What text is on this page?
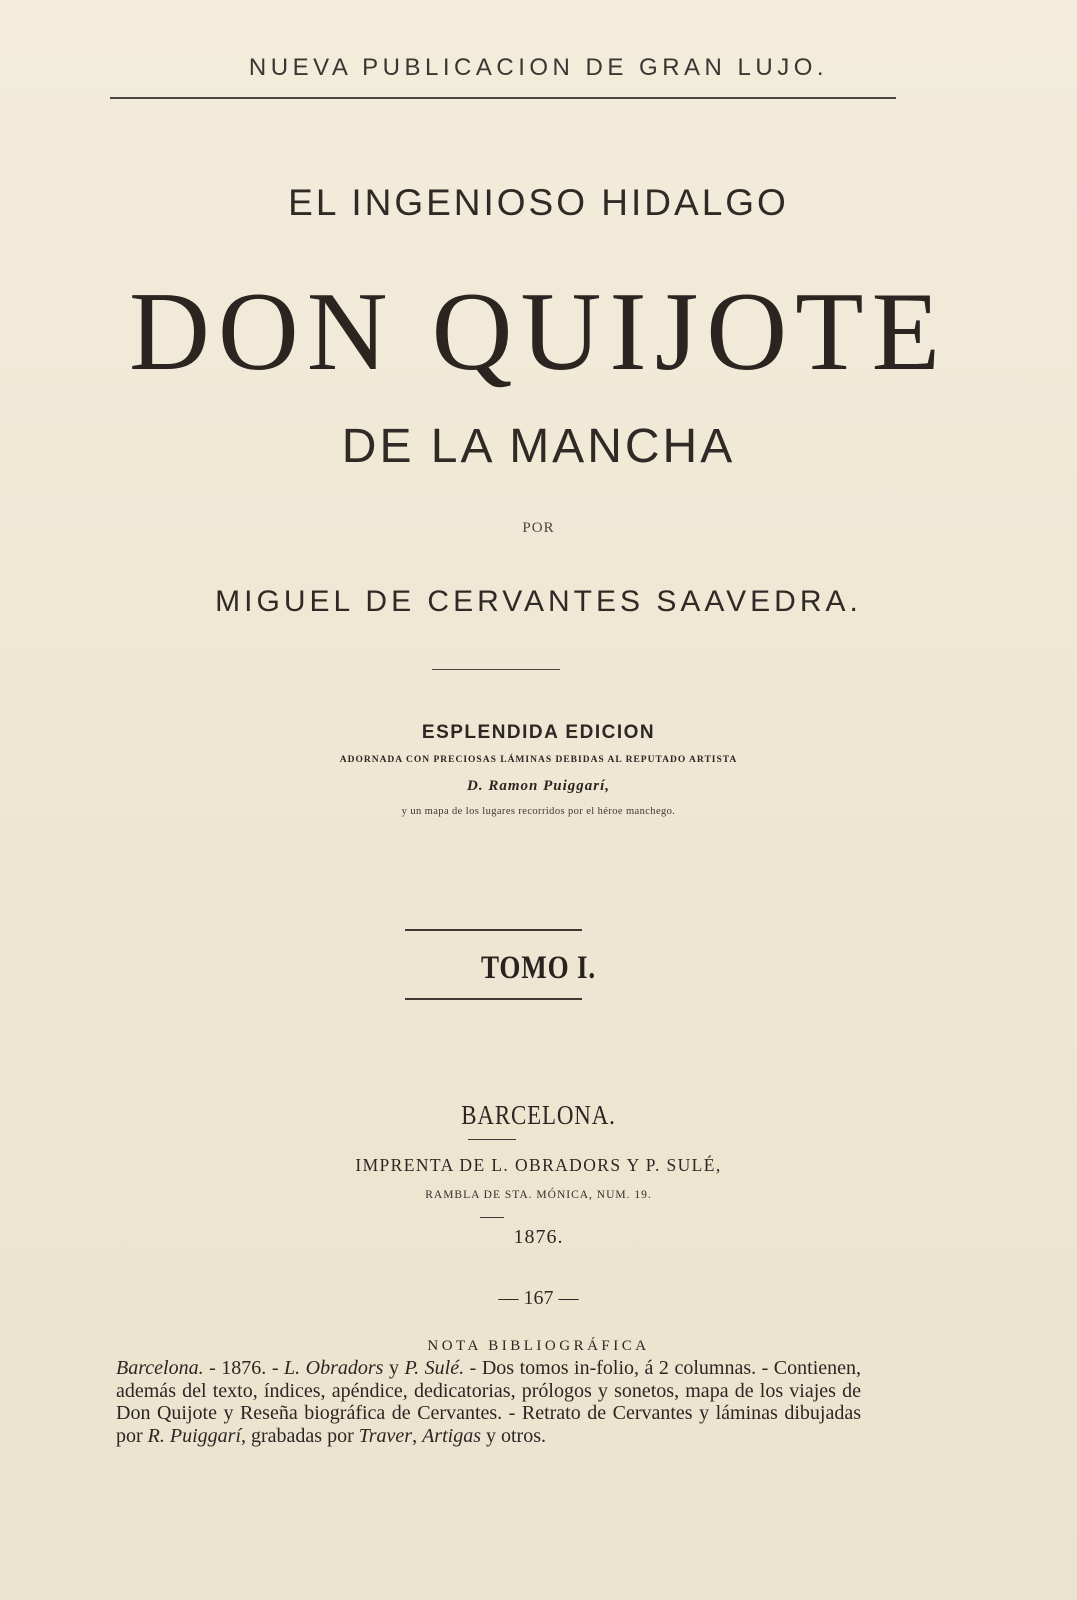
NUEVA PUBLICACION DE GRAN LUJO.
EL INGENIOSO HIDALGO
DON QUIJOTE
DE LA MANCHA
POR
MIGUEL DE CERVANTES SAAVEDRA.
ESPLENDIDA EDICION
ADORNADA CON PRECIOSAS LÁMINAS DEBIDAS AL REPUTADO ARTISTA
D. Ramon Puiggarí,
y un mapa de los lugares recorridos por el héroe manchego.
TOMO I.
BARCELONA.
IMPRENTA DE L. OBRADORS Y P. SULÉ,
RAMBLA DE STA. MÓNICA, NUM. 19.
1876.
— 167 —
NOTA BIBLIOGRÁFICA
Barcelona. - 1876. - L. Obradors y P. Sulé. - Dos tomos in-folio, á 2 columnas. - Contienen, además del texto, índices, apéndice, dedicatorias, prólogos y sonetos, mapa de los viajes de Don Quijote y Reseña biográfica de Cervantes. - Retrato de Cervantes y láminas dibujadas por R. Puiggarí, grabadas por Traver, Artigas y otros.
